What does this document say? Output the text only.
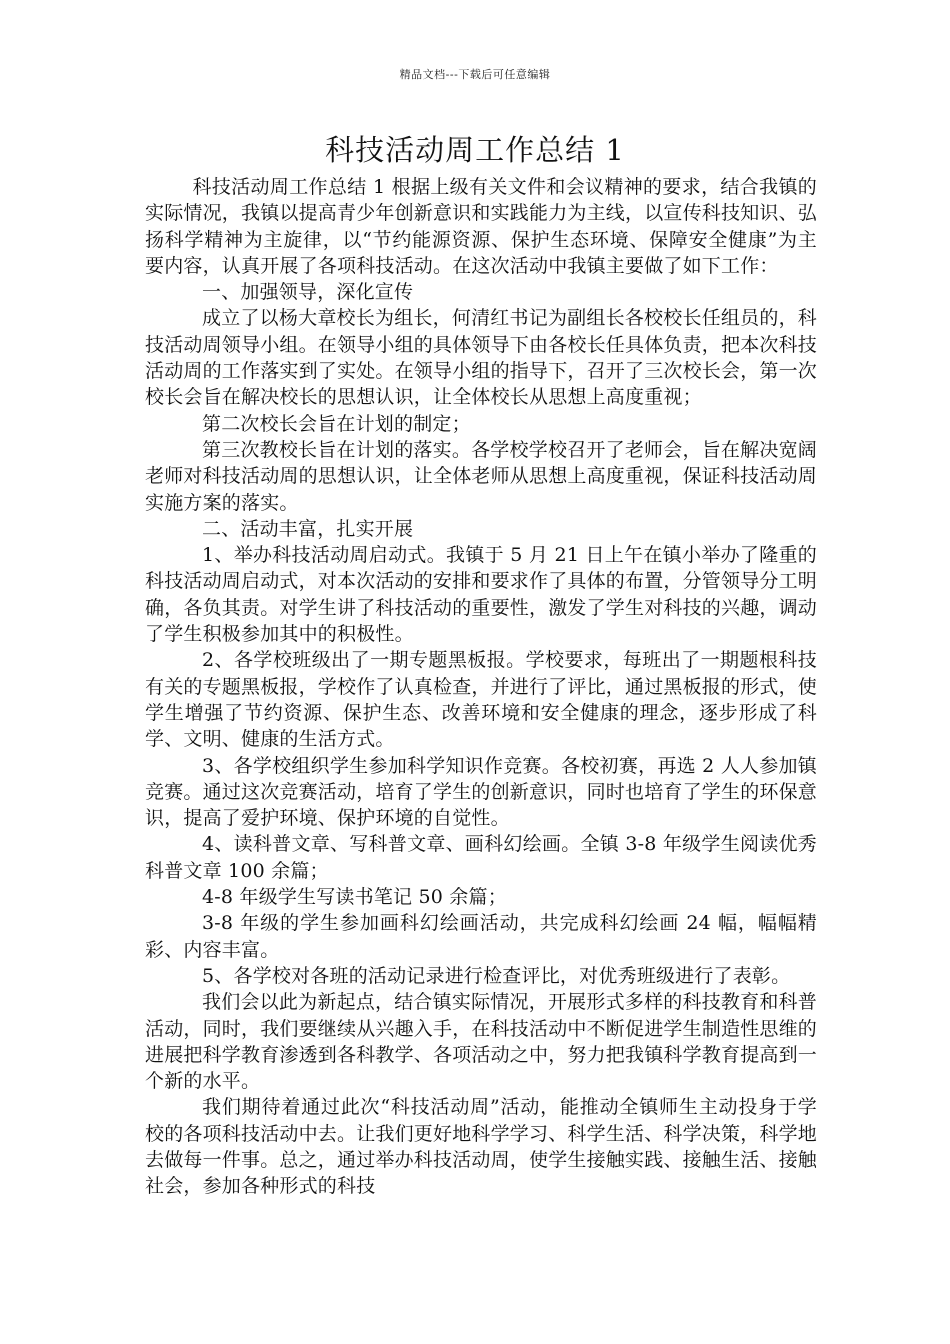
精品文档---下载后可任意编辑
科技活动周工作总结 1

科技活动周工作总结 1 根据上级有关文件和会议精神的要求，结合我镇的实际情况，我镇以提高青少年创新意识和实践能力为主线，以宣传科技知识、弘扬科学精神为主旋律，以“节约能源资源、保护生态环境、保障安全健康”为主要内容，认真开展了各项科技活动。在这次活动中我镇主要做了如下工作：

一、加强领导，深化宣传

成立了以杨大章校长为组长，何清红书记为副组长各校校长任组员的，科技活动周领导小组。在领导小组的具体领导下由各校长任具体负责，把本次科技活动周的工作落实到了实处。在领导小组的指导下，召开了三次校长会，第一次校长会旨在解决校长的思想认识，让全体校长从思想上高度重视；

第二次校长会旨在计划的制定；

第三次教校长旨在计划的落实。各学校学校召开了老师会，旨在解决宽阔老师对科技活动周的思想认识，让全体老师从思想上高度重视，保证科技活动周实施方案的落实。

二、活动丰富，扎实开展

1、举办科技活动周启动式。我镇于 5 月 21 日上午在镇小举办了隆重的科技活动周启动式，对本次活动的安排和要求作了具体的布置，分管领导分工明确，各负其责。对学生讲了科技活动的重要性，激发了学生对科技的兴趣，调动了学生积极参加其中的积极性。

2、各学校班级出了一期专题黑板报。学校要求，每班出了一期题根科技有关的专题黑板报，学校作了认真检查，并进行了评比，通过黑板报的形式，使学生增强了节约资源、保护生态、改善环境和安全健康的理念，逐步形成了科学、文明、健康的生活方式。

3、各学校组织学生参加科学知识作竞赛。各校初赛，再选 2 人人参加镇竞赛。通过这次竞赛活动，培育了学生的创新意识，同时也培育了学生的环保意识，提高了爱护环境、保护环境的自觉性。

4、读科普文章、写科普文章、画科幻绘画。全镇 3-8 年级学生阅读优秀科普文章 100 余篇；

4-8 年级学生写读书笔记 50 余篇；

3-8 年级的学生参加画科幻绘画活动，共完成科幻绘画 24 幅，幅幅精彩、内容丰富。

5、各学校对各班的活动记录进行检查评比，对优秀班级进行了表彰。

我们会以此为新起点，结合镇实际情况，开展形式多样的科技教育和科普活动，同时，我们要继续从兴趣入手，在科技活动中不断促进学生制造性思维的进展把科学教育渗透到各科教学、各项活动之中，努力把我镇科学教育提高到一个新的水平。

我们期待着通过此次“科技活动周”活动，能推动全镇师生主动投身于学校的各项科技活动中去。让我们更好地科学学习、科学生活、科学决策，科学地去做每一件事。总之，通过举办科技活动周，使学生接触实践、接触生活、接触社会，参加各种形式的科技
